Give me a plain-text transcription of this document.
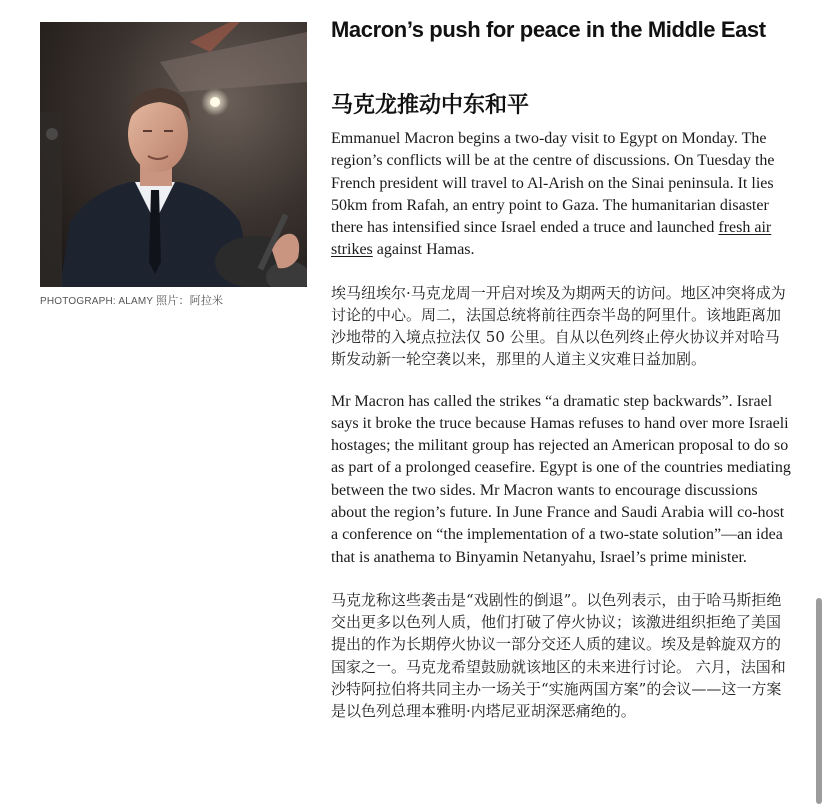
PHOTOGRAPH: ALAMY 照片：阿拉米
Macron’s push for peace in the Middle East
马克龙推动中东和平

Emmanuel Macron begins a two-day visit to Egypt on Monday. The region’s conflicts will be at the centre of discussions. On Tuesday the French president will travel to Al-Arish on the Sinai peninsula. It lies 50km from Rafah, an entry point to Gaza. The humanitarian disaster there has intensified since Israel ended a truce and launched fresh air strikes against Hamas.

埃马纽埃尔·马克龙周一开启对埃及为期两天的访问。地区冲突将成为讨论的中心。周二，法国总统将前往西奈半岛的阿里什。该地距离加沙地带的入境点拉法仅 50 公里。自从以色列终止停火协议并对哈马斯发动新一轮空袭以来，那里的人道主义灾难日益加剧。

Mr Macron has called the strikes “a dramatic step backwards”. Israel says it broke the truce because Hamas refuses to hand over more Israeli hostages; the militant group has rejected an American proposal to do so as part of a prolonged ceasefire. Egypt is one of the countries mediating between the two sides. Mr Macron wants to encourage discussions about the region’s future. In June France and Saudi Arabia will co-host a conference on “the implementation of a two-state solution”—an idea that is anathema to Binyamin Netanyahu, Israel’s prime minister.

马克龙称这些袭击是“戏剧性的倒退”。以色列表示，由于哈马斯拒绝交出更多以色列人质，他们打破了停火协议；该激进组织拒绝了美国提出的作为长期停火协议一部分交还人质的建议。埃及是斡旋双方的国家之一。马克龙希望鼓励就该地区的未来进行讨论。 六月，法国和沙特阿拉伯将共同主办一场关于“实施两国方案”的会议——这一方案是以色列总理本雅明·内塔尼亚胡深恶痛绝的。
